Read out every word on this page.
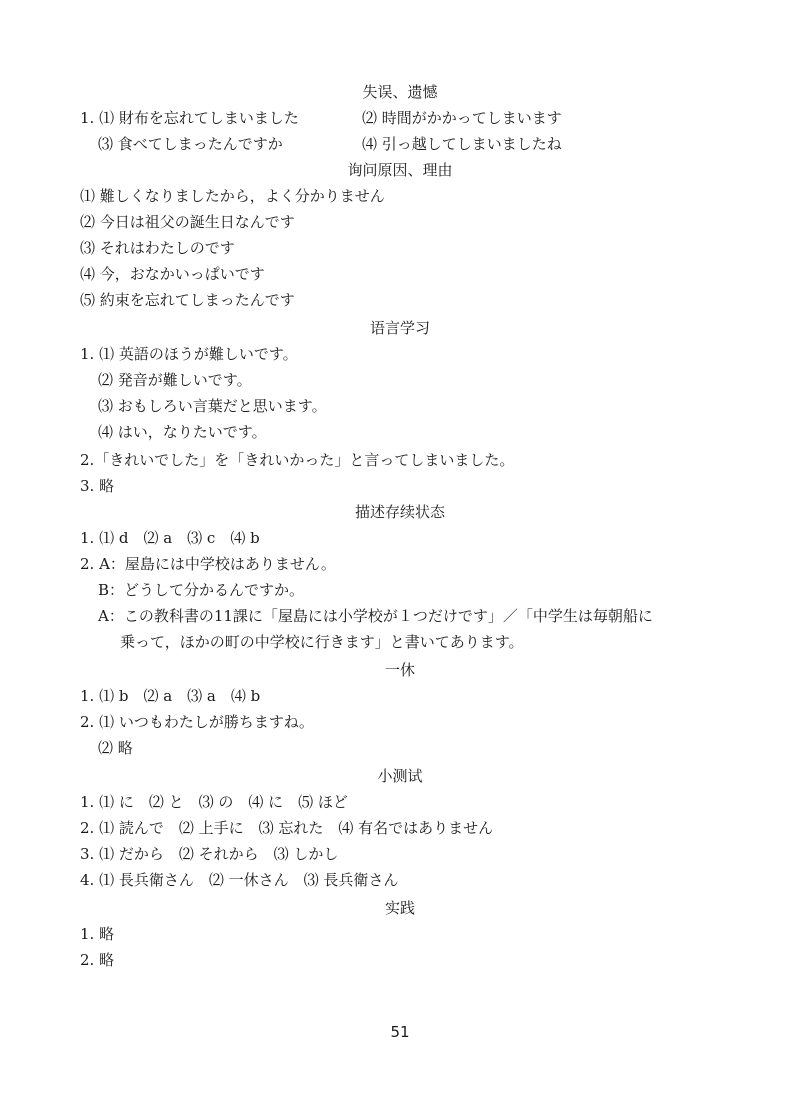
失误、遗憾
1. ⑴ 財布を忘れてしまいました	⑵ 時間がかかってしまいます
⑶ 食べてしまったんですか	⑷ 引っ越してしまいましたね
询问原因、理由
⑴ 難しくなりましたから，よく分かりません
⑵ 今日は祖父の誕生日なんです
⑶ それはわたしのです
⑷ 今，おなかいっぱいです
⑸ 約束を忘れてしまったんです
语言学习
1. ⑴ 英語のほうが難しいです。
⑵ 発音が難しいです。
⑶ おもしろい言葉だと思います。
⑷ はい，なりたいです。
2.「きれいでした」を「きれいかった」と言ってしまいました。
3. 略
描述存续状态
1. ⑴ d　⑵ a　⑶ c　⑷ b
2. A：屋島には中学校はありません。
B：どうして分かるんですか。
A：この教科書の11課に「屋島には小学校が１つだけです」／「中学生は毎朝船に
乗って，ほかの町の中学校に行きます」と書いてあります。
一休
1. ⑴ b　⑵ a　⑶ a　⑷ b
2. ⑴ いつもわたしが勝ちますね。
⑵ 略
小测试
1. ⑴ に　⑵ と　⑶ の　⑷ に　⑸ ほど
2. ⑴ 読んで　⑵ 上手に　⑶ 忘れた　⑷ 有名ではありません
3. ⑴ だから　⑵ それから　⑶ しかし
4. ⑴ 長兵衛さん　⑵ 一休さん　⑶ 長兵衛さん
实践
1. 略
2. 略
51
